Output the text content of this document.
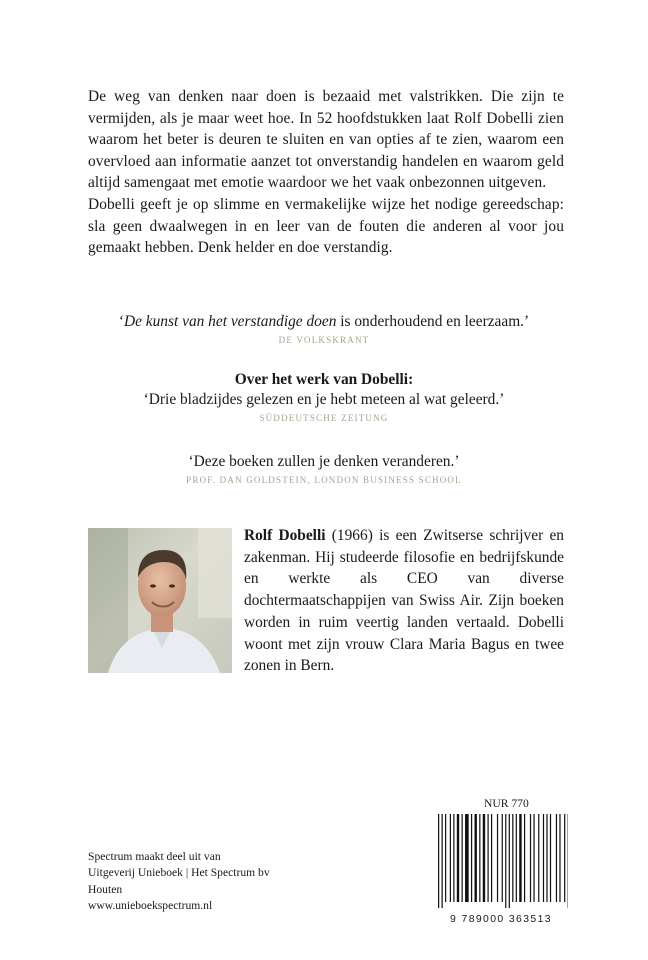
De weg van denken naar doen is bezaaid met valstrikken. Die zijn te vermijden, als je maar weet hoe. In 52 hoofdstukken laat Rolf Dobelli zien waarom het beter is deuren te sluiten en van opties af te zien, waarom een overvloed aan informatie aanzet tot onverstandig handelen en waarom geld altijd samengaat met emotie waardoor we het vaak onbezonnen uitgeven.

Dobelli geeft je op slimme en vermakelijke wijze het nodige gereedschap: sla geen dwaalwegen in en leer van de fouten die anderen al voor jou gemaakt hebben. Denk helder en doe verstandig.

‘De kunst van het verstandige doen is onderhoudend en leerzaam.’
DE VOLKSKRANT
Over het werk van Dobelli:
‘Drie bladzijdes gelezen en je hebt meteen al wat geleerd.’
SÜDDEUTSCHE ZEITUNG
‘Deze boeken zullen je denken veranderen.’
PROF. DAN GOLDSTEIN, LONDON BUSINESS SCHOOL
Rolf Dobelli (1966) is een Zwitserse schrijver en zakenman. Hij studeerde filosofie en bedrijfskunde en werkte als CEO van diverse dochtermaatschappijen van Swiss Air. Zijn boeken worden in ruim veertig landen vertaald. Dobelli woont met zijn vrouw Clara Maria Bagus en twee zonen in Bern.
Spectrum maakt deel uit van
Uitgeverij Unieboek | Het Spectrum bv
Houten
www.unieboekspectrum.nl
NUR 770
9 789000 363513
